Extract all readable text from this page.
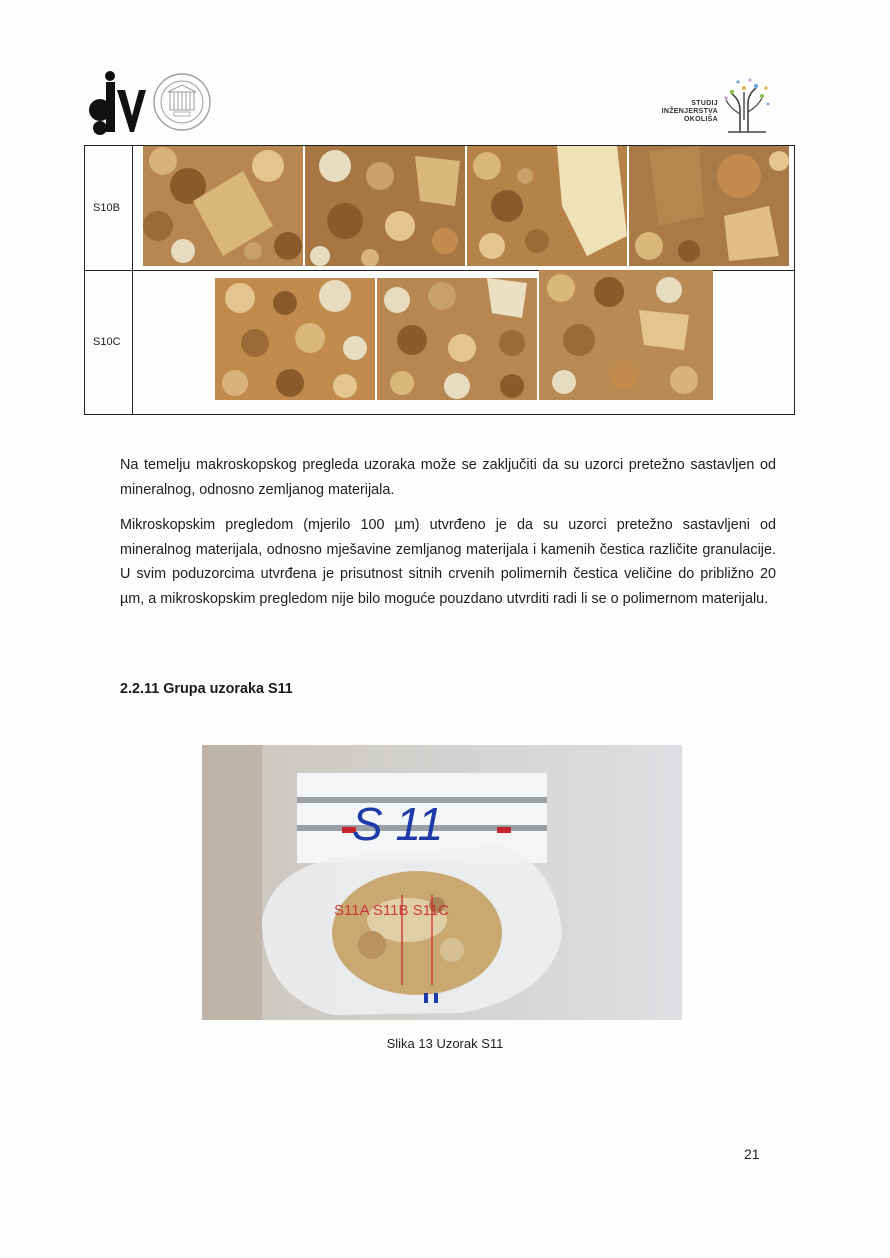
STUDIJ
INŽENJERSTVA
OKOLIŠA
S10B
S10C

Na temelju makroskopskog pregleda uzoraka može se zaključiti da su uzorci pretežno sastavljen od mineralnog, odnosno zemljanog materijala.

Mikroskopskim pregledom (mjerilo 100 µm) utvrđeno je da su uzorci pretežno sastavljeni od mineralnog materijala, odnosno mješavine zemljanog materijala i kamenih čestica različite granulacije. U svim poduzorcima utvrđena je prisutnost sitnih crvenih polimernih čestica veličine do približno 20 µm, a mikroskopskim pregledom nije bilo moguće pouzdano utvrditi radi li se o polimernom materijalu.

2.2.11 Grupa uzoraka S11
S 11
S11A S11B S11C
Slika 13 Uzorak S11
21
